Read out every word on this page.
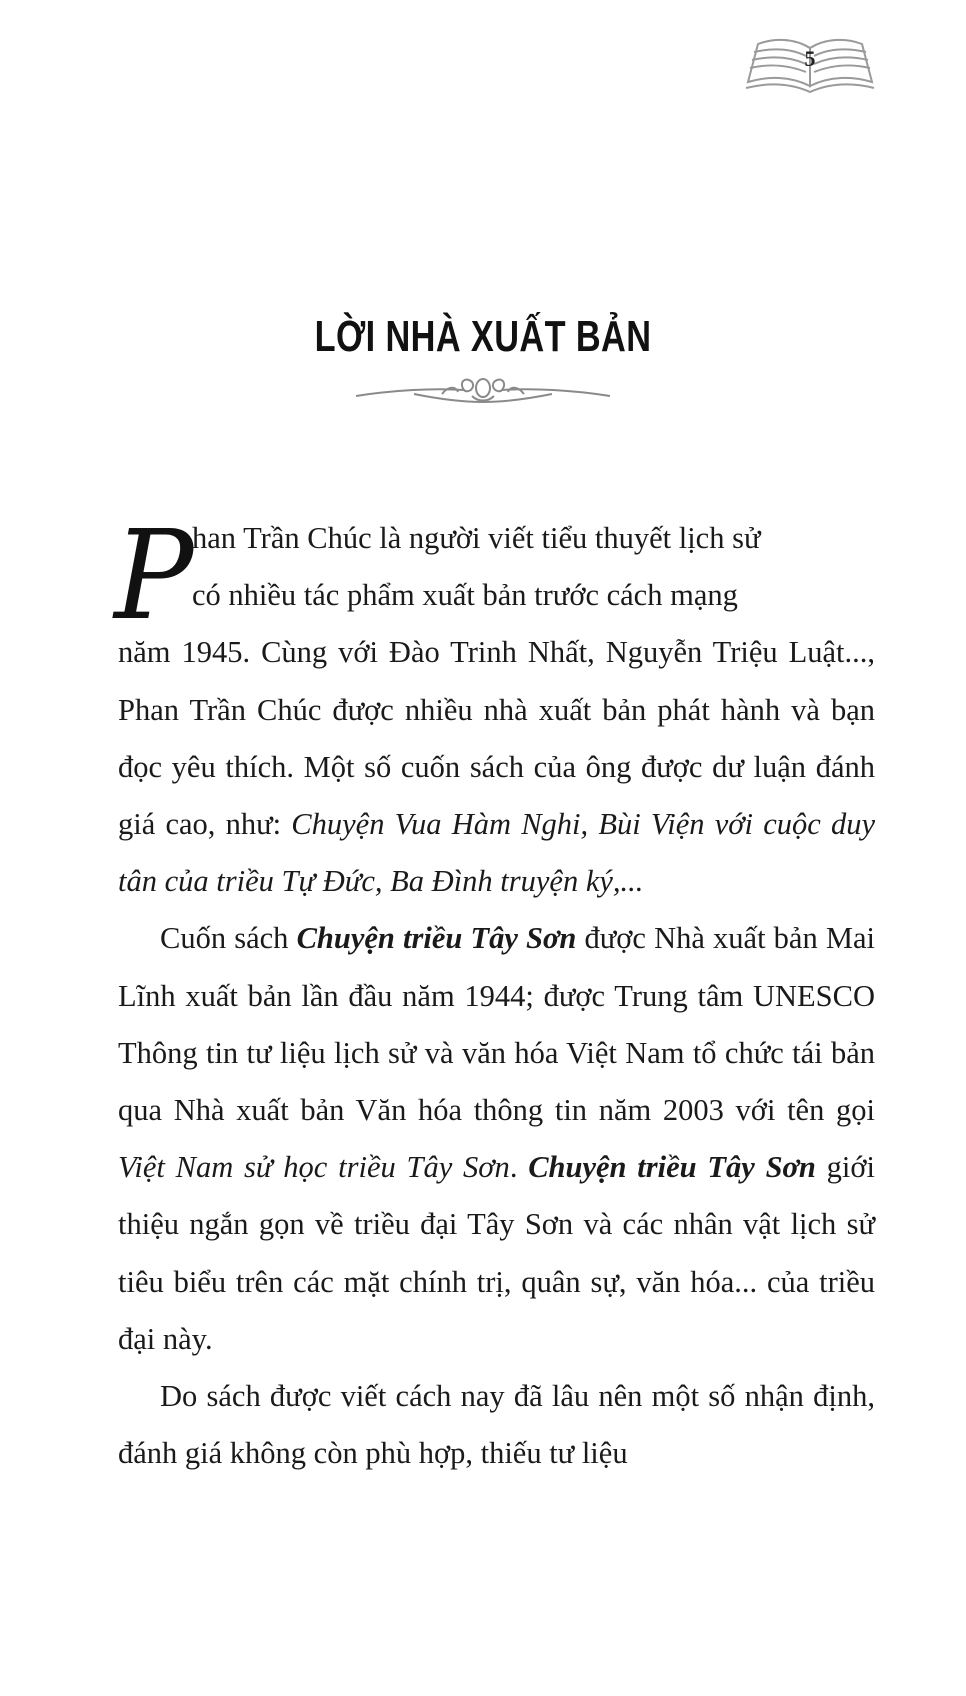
5
LỜI NHÀ XUẤT BẢN

P
han Trần Chúc là người viết tiểu thuyết lịch sử
có nhiều tác phẩm xuất bản trước cách mạng
năm 1945. Cùng với Đào Trinh Nhất, Nguyễn Triệu Luật..., Phan Trần Chúc được nhiều nhà xuất bản phát hành và bạn đọc yêu thích. Một số cuốn sách của ông được dư luận đánh giá cao, như: Chuyện Vua Hàm Nghi, Bùi Viện với cuộc duy tân của triều Tự Đức, Ba Đình truyện ký,...

Cuốn sách Chuyện triều Tây Sơn được Nhà xuất bản Mai Lĩnh xuất bản lần đầu năm 1944; được Trung tâm UNESCO Thông tin tư liệu lịch sử và văn hóa Việt Nam tổ chức tái bản qua Nhà xuất bản Văn hóa thông tin năm 2003 với tên gọi Việt Nam sử học triều Tây Sơn. Chuyện triều Tây Sơn giới thiệu ngắn gọn về triều đại Tây Sơn và các nhân vật lịch sử tiêu biểu trên các mặt chính trị, quân sự, văn hóa... của triều đại này.

Do sách được viết cách nay đã lâu nên một số nhận định, đánh giá không còn phù hợp, thiếu tư liệu
